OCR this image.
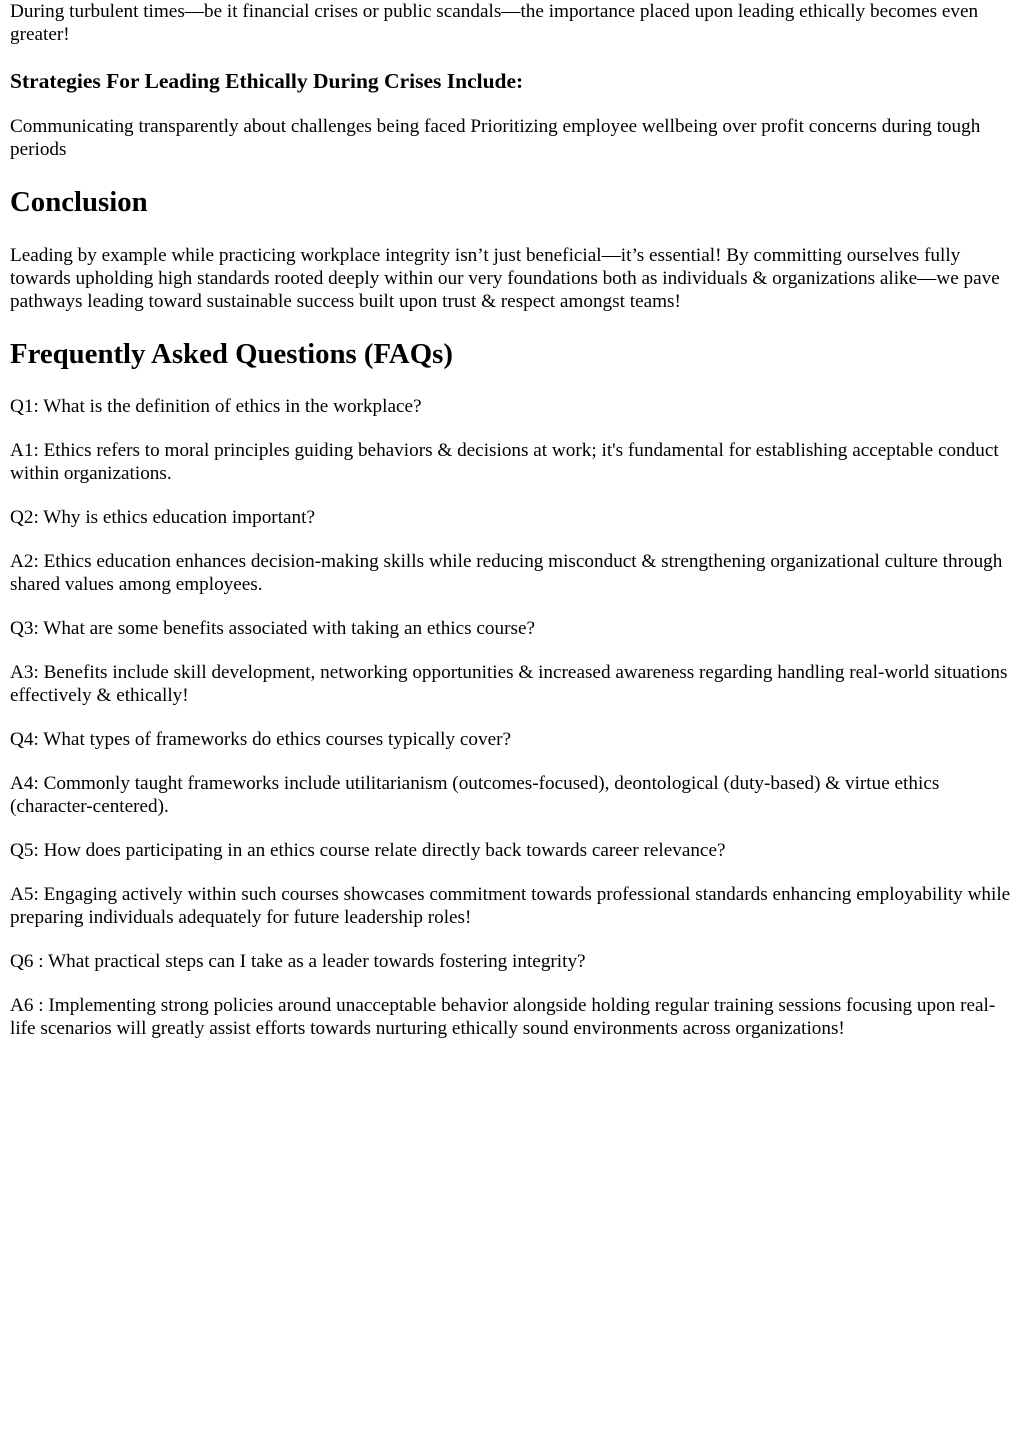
During turbulent times—be it financial crises or public scandals—the importance placed upon leading ethically becomes even greater!

Strategies For Leading Ethically During Crises Include:

Communicating transparently about challenges being faced Prioritizing employee wellbeing over profit concerns during tough periods

Conclusion

Leading by example while practicing workplace integrity isn’t just beneficial—it’s essential! By committing ourselves fully towards upholding high standards rooted deeply within our very foundations both as individuals & organizations alike—we pave pathways leading toward sustainable success built upon trust & respect amongst teams!

Frequently Asked Questions (FAQs)

Q1: What is the definition of ethics in the workplace?

A1: Ethics refers to moral principles guiding behaviors & decisions at work; it's fundamental for establishing acceptable conduct within organizations.

Q2: Why is ethics education important?

A2: Ethics education enhances decision-making skills while reducing misconduct & strengthening organizational culture through shared values among employees.

Q3: What are some benefits associated with taking an ethics course?

A3: Benefits include skill development, networking opportunities & increased awareness regarding handling real-world situations effectively & ethically!

Q4: What types of frameworks do ethics courses typically cover?

A4: Commonly taught frameworks include utilitarianism (outcomes-focused), deontological (duty-based) & virtue ethics (character-centered).

Q5: How does participating in an ethics course relate directly back towards career relevance?

A5: Engaging actively within such courses showcases commitment towards professional standards enhancing employability while preparing individuals adequately for future leadership roles!

Q6 : What practical steps can I take as a leader towards fostering integrity?

A6 : Implementing strong policies around unacceptable behavior alongside holding regular training sessions focusing upon real-life scenarios will greatly assist efforts towards nurturing ethically sound environments across organizations!
